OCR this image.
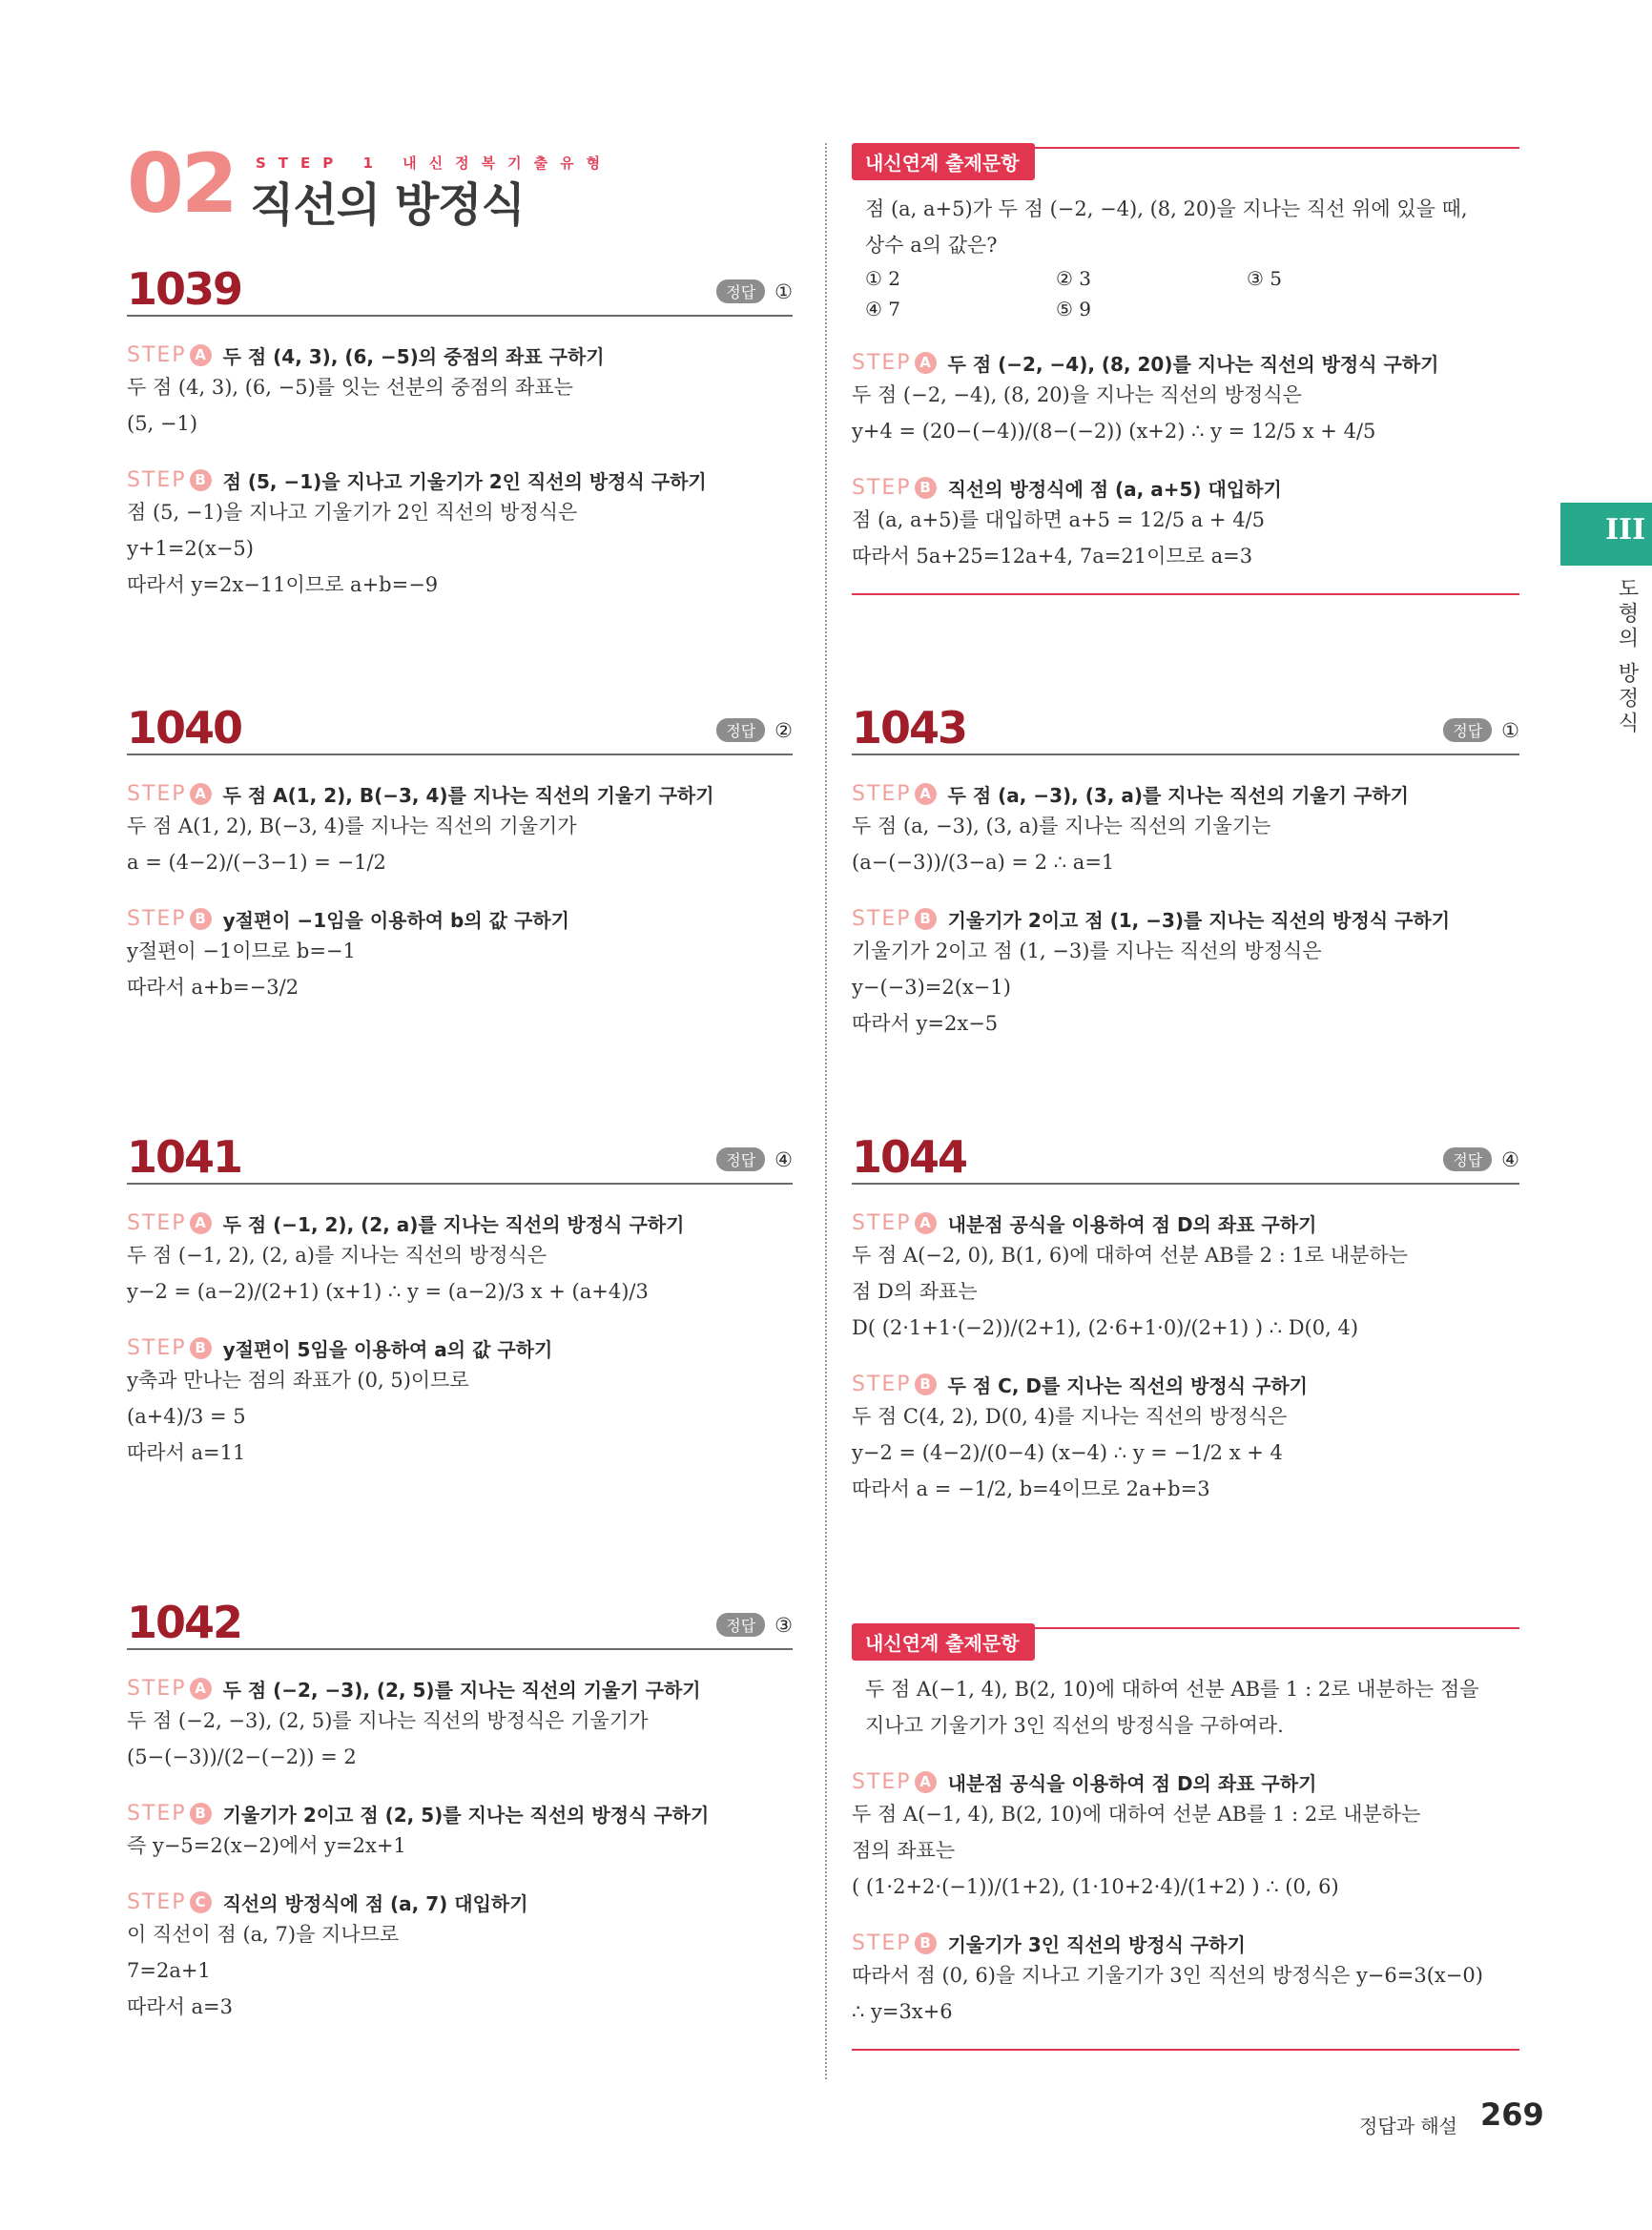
02 STEP 1 내신정복기출유형
직선의 방정식
1039	정답 ①
STEP A 두 점 (4, 3), (6, −5)의 중점의 좌표 구하기
두 점 (4, 3), (6, −5)를 잇는 선분의 중점의 좌표는
(5, −1)
STEP B 점 (5, −1)을 지나고 기울기가 2인 직선의 방정식 구하기
점 (5, −1)을 지나고 기울기가 2인 직선의 방정식은
y+1=2(x−5)
따라서 y=2x−11이므로 a+b=−9
1040	정답 ②
STEP A 두 점 A(1, 2), B(−3, 4)를 지나는 직선의 기울기 구하기
두 점 A(1, 2), B(−3, 4)를 지나는 직선의 기울기가
a = (4−2)/(−3−1) = −1/2
STEP B y절편이 −1임을 이용하여 b의 값 구하기
y절편이 −1이므로 b=−1
따라서 a+b=−3/2
1041	정답 ④
STEP A 두 점 (−1, 2), (2, a)를 지나는 직선의 방정식 구하기
두 점 (−1, 2), (2, a)를 지나는 직선의 방정식은
y−2 = (a−2)/(2+1) (x+1) ∴ y = (a−2)/3 x + (a+4)/3
STEP B y절편이 5임을 이용하여 a의 값 구하기
y축과 만나는 점의 좌표가 (0, 5)이므로
(a+4)/3 = 5
따라서 a=11
1042	정답 ③
STEP A 두 점 (−2, −3), (2, 5)를 지나는 직선의 기울기 구하기
두 점 (−2, −3), (2, 5)를 지나는 직선의 방정식은 기울기가
(5−(−3))/(2−(−2)) = 2
STEP B 기울기가 2이고 점 (2, 5)를 지나는 직선의 방정식 구하기
즉 y−5=2(x−2)에서 y=2x+1
STEP C 직선의 방정식에 점 (a, 7) 대입하기
이 직선이 점 (a, 7)을 지나므로
7=2a+1
따라서 a=3
내신연계 출제문항
점 (a, a+5)가 두 점 (−2, −4), (8, 20)을 지나는 직선 위에 있을 때,
상수 a의 값은?
① 2	② 3	③ 5
④ 7	⑤ 9
STEP A 두 점 (−2, −4), (8, 20)를 지나는 직선의 방정식 구하기
두 점 (−2, −4), (8, 20)을 지나는 직선의 방정식은
y+4 = (20−(−4))/(8−(−2)) (x+2) ∴ y = 12/5 x + 4/5
STEP B 직선의 방정식에 점 (a, a+5) 대입하기
점 (a, a+5)를 대입하면 a+5 = 12/5 a + 4/5
따라서 5a+25=12a+4, 7a=21이므로 a=3
1043	정답 ①
STEP A 두 점 (a, −3), (3, a)를 지나는 직선의 기울기 구하기
두 점 (a, −3), (3, a)를 지나는 직선의 기울기는
(a−(−3))/(3−a) = 2 ∴ a=1
STEP B 기울기가 2이고 점 (1, −3)를 지나는 직선의 방정식 구하기
기울기가 2이고 점 (1, −3)를 지나는 직선의 방정식은
y−(−3)=2(x−1)
따라서 y=2x−5
1044	정답 ④
STEP A 내분점 공식을 이용하여 점 D의 좌표 구하기
두 점 A(−2, 0), B(1, 6)에 대하여 선분 AB를 2 : 1로 내분하는
점 D의 좌표는
D( (2·1+1·(−2))/(2+1), (2·6+1·0)/(2+1) ) ∴ D(0, 4)
STEP B 두 점 C, D를 지나는 직선의 방정식 구하기
두 점 C(4, 2), D(0, 4)를 지나는 직선의 방정식은
y−2 = (4−2)/(0−4) (x−4) ∴ y = −1/2 x + 4
따라서 a = −1/2, b=4이므로 2a+b=3
내신연계 출제문항
두 점 A(−1, 4), B(2, 10)에 대하여 선분 AB를 1 : 2로 내분하는 점을
지나고 기울기가 3인 직선의 방정식을 구하여라.
STEP A 내분점 공식을 이용하여 점 D의 좌표 구하기
두 점 A(−1, 4), B(2, 10)에 대하여 선분 AB를 1 : 2로 내분하는
점의 좌표는
( (1·2+2·(−1))/(1+2), (1·10+2·4)/(1+2) ) ∴ (0, 6)
STEP B 기울기가 3인 직선의 방정식 구하기
따라서 점 (0, 6)을 지나고 기울기가 3인 직선의 방정식은 y−6=3(x−0)
∴ y=3x+6
III
도형의 방정식
정답과 해설 269
